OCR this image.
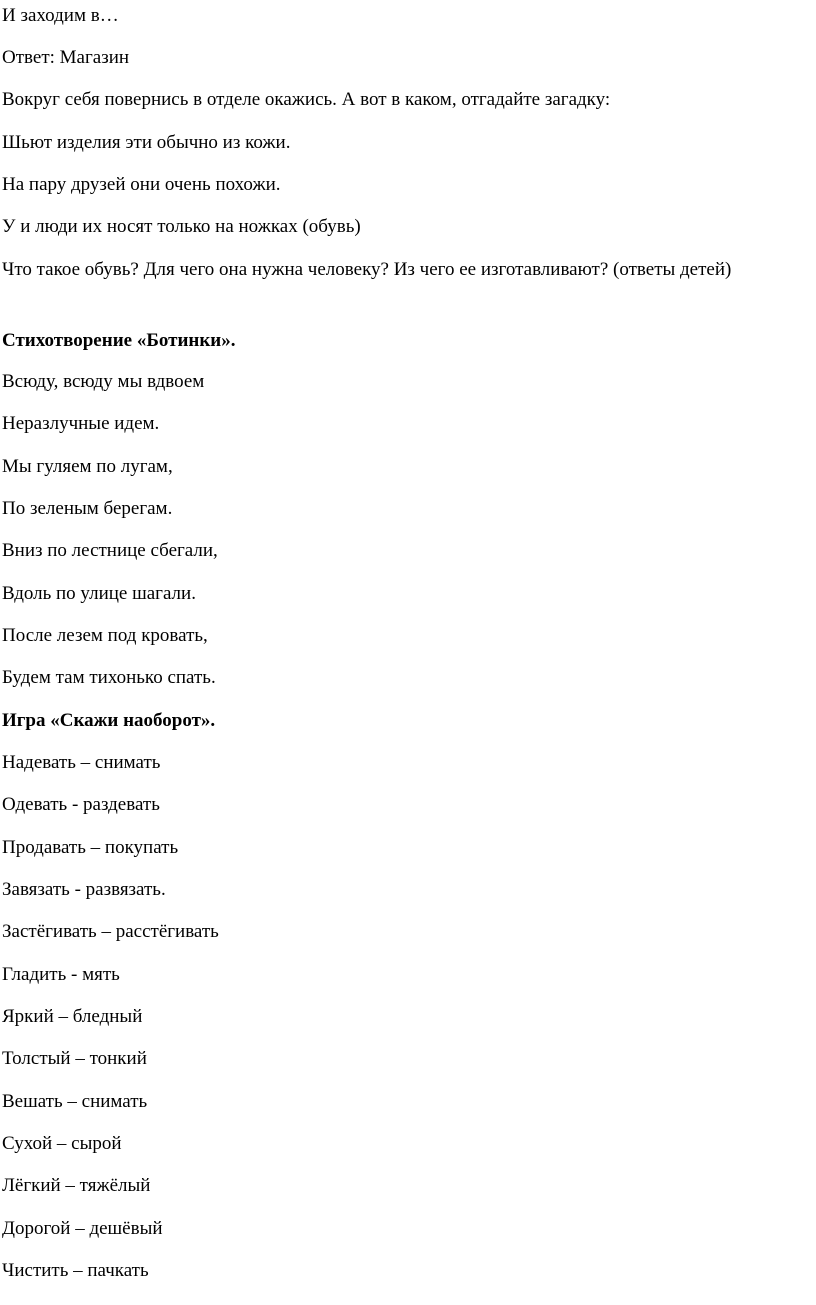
И заходим в…
Ответ: Магазин
Вокруг себя повернись в отделе окажись. А вот в каком, отгадайте загадку:
Шьют изделия эти обычно из кожи.
На пару друзей они очень похожи.
У и люди их носят только на ножках (обувь)
Что такое обувь? Для чего она нужна человеку? Из чего ее изготавливают? (ответы детей)
Стихотворение «Ботинки».
Всюду, всюду мы вдвоем
Неразлучные идем.
Мы гуляем по лугам,
По зеленым берегам.
Вниз по лестнице сбегали,
Вдоль по улице шагали.
После лезем под кровать,
Будем там тихонько спать.
Игра «Скажи наоборот».
Надевать – снимать
Одевать - раздевать
Продавать – покупать
Завязать - развязать.
Застёгивать – расстёгивать
Гладить - мять
Яркий – бледный
Толстый – тонкий
Вешать – снимать
Сухой – сырой
Лёгкий – тяжёлый
Дорогой – дешёвый
Чистить – пачкать
